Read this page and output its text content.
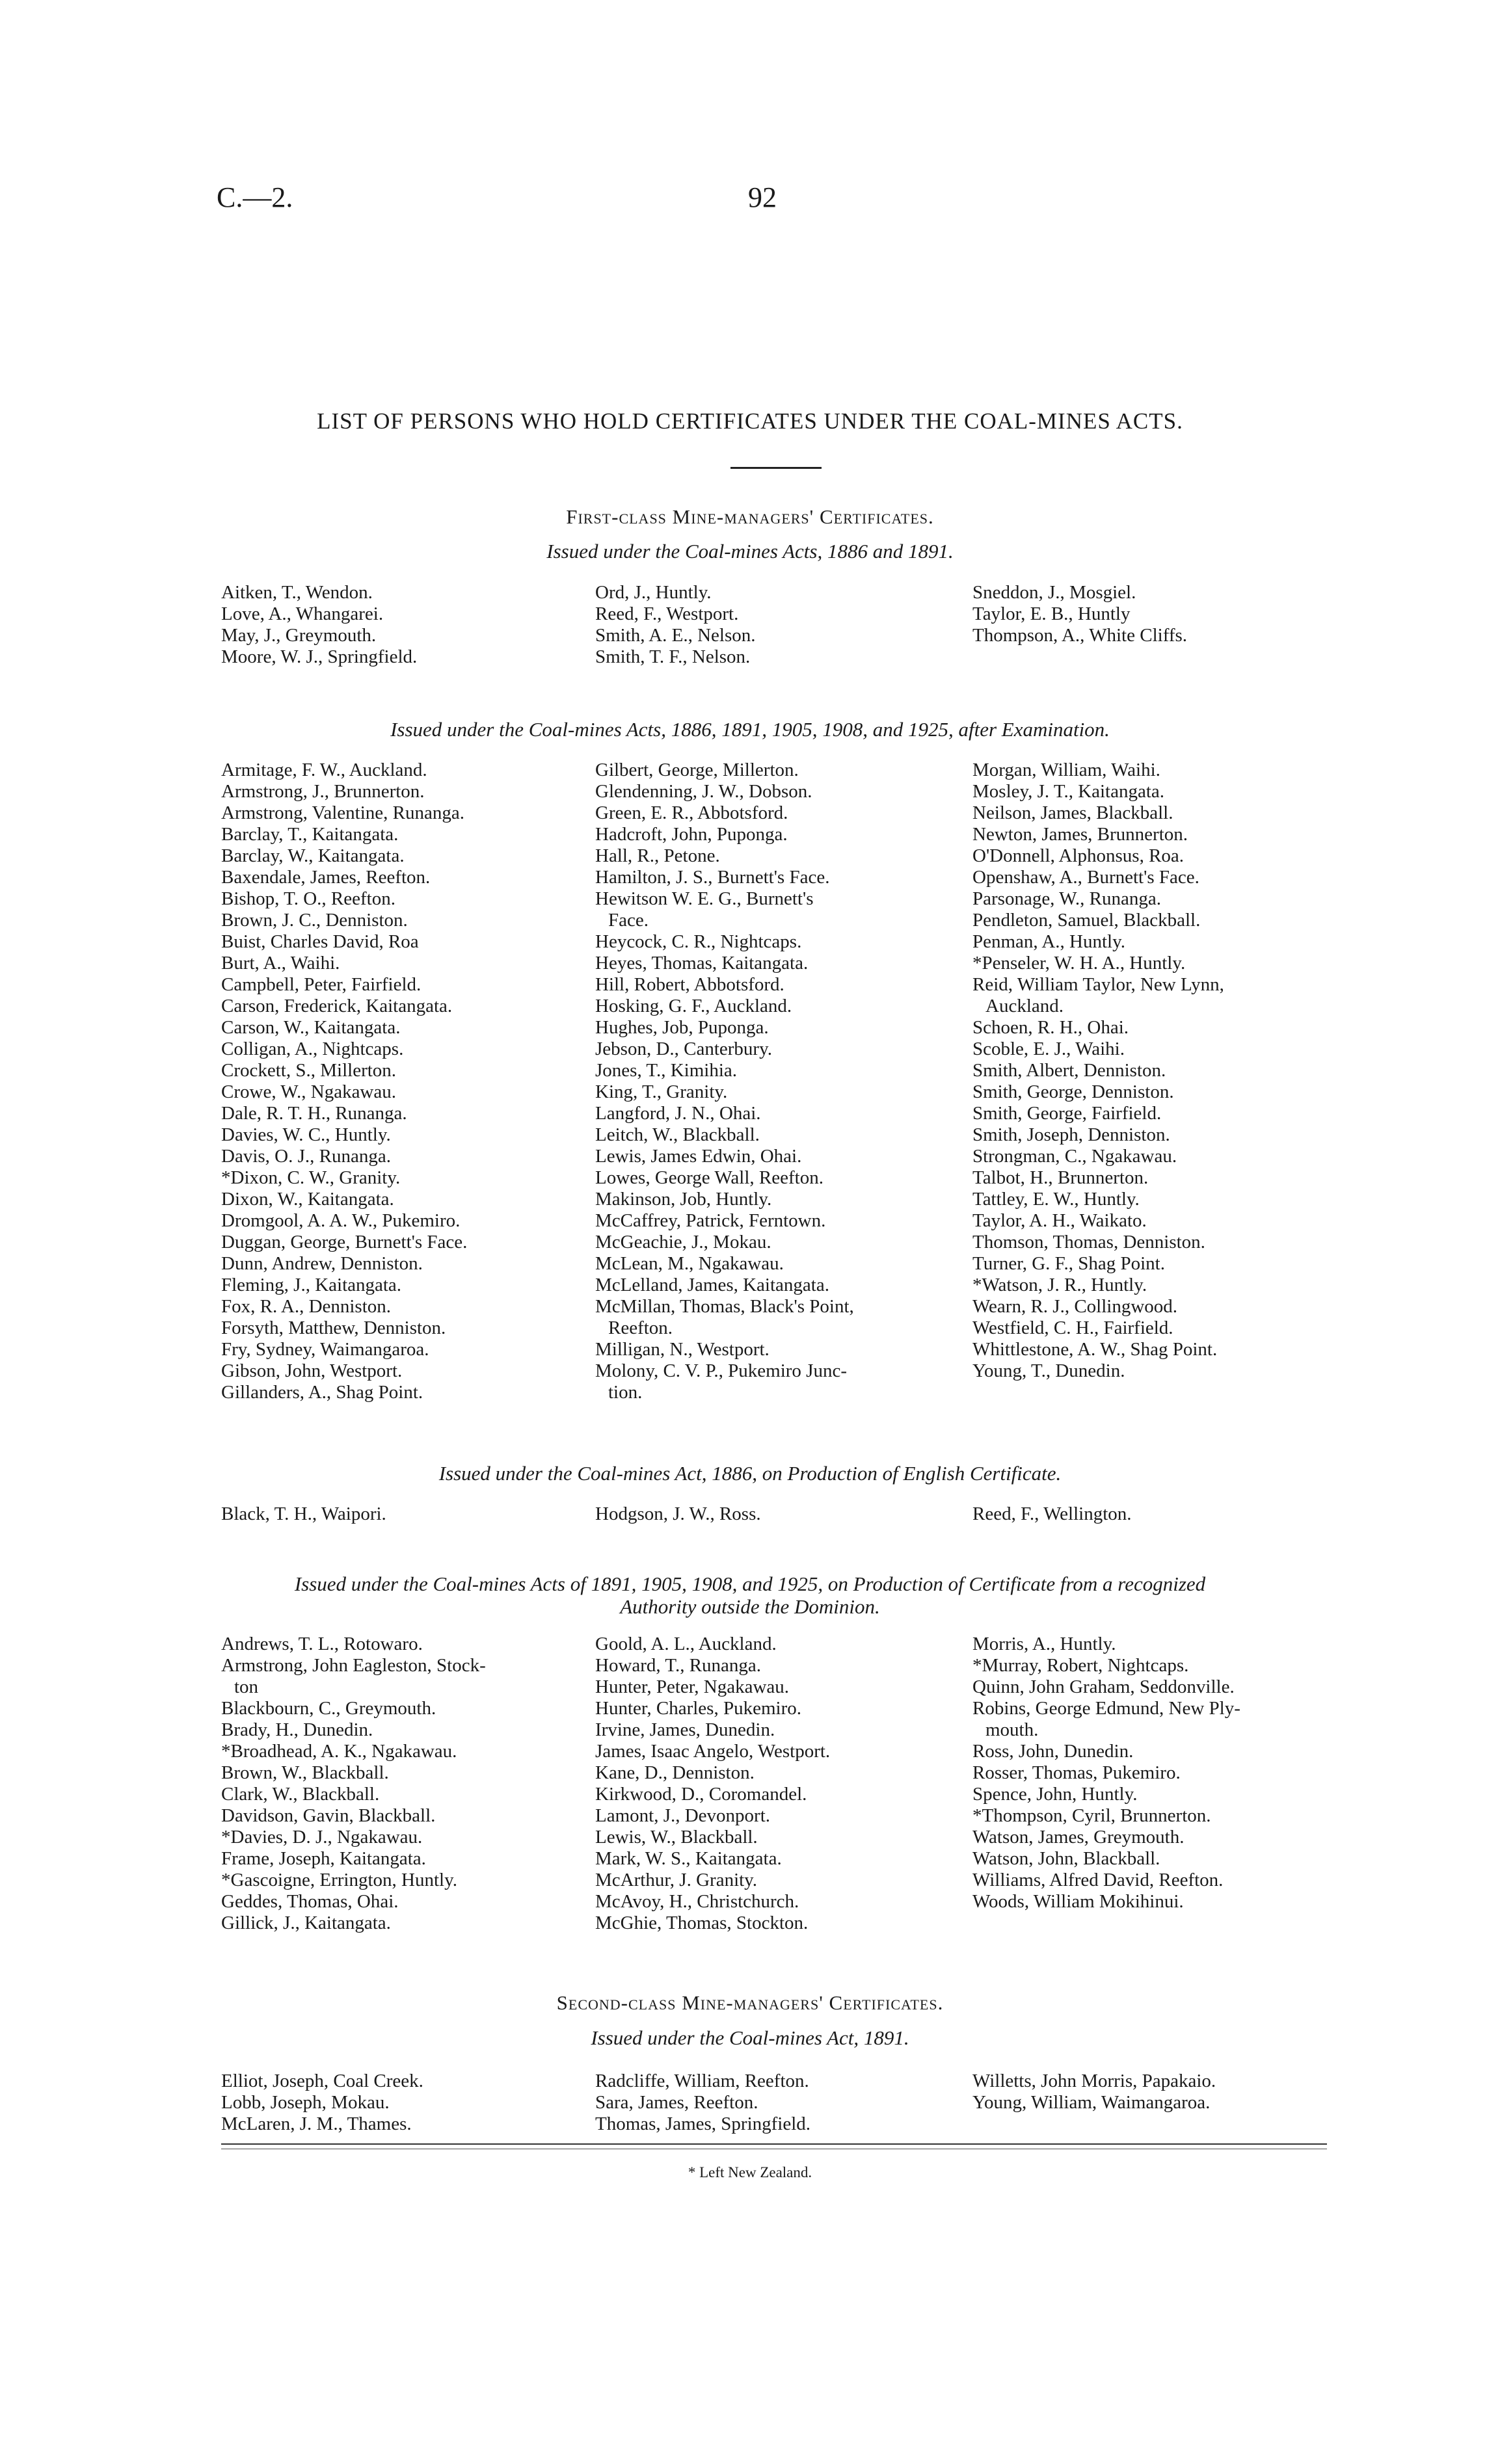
C.—2.	92
LIST OF PERSONS WHO HOLD CERTIFICATES UNDER THE COAL-MINES ACTS.
First-class Mine-managers' Certificates.
Issued under the Coal-mines Acts, 1886 and 1891.
Aitken, T., Wendon.
Love, A., Whangarei.
May, J., Greymouth.
Moore, W. J., Springfield.
Ord, J., Huntly.
Reed, F., Westport.
Smith, A. E., Nelson.
Smith, T. F., Nelson.
Sneddon, J., Mosgiel.
Taylor, E. B., Huntly
Thompson, A., White Cliffs.
Issued under the Coal-mines Acts, 1886, 1891, 1905, 1908, and 1925, after Examination.
Armitage, F. W., Auckland.
Armstrong, J., Brunnerton.
Armstrong, Valentine, Runanga.
Barclay, T., Kaitangata.
Barclay, W., Kaitangata.
Baxendale, James, Reefton.
Bishop, T. O., Reefton.
Brown, J. C., Denniston.
Buist, Charles David, Roa
Burt, A., Waihi.
Campbell, Peter, Fairfield.
Carson, Frederick, Kaitangata.
Carson, W., Kaitangata.
Colligan, A., Nightcaps.
Crockett, S., Millerton.
Crowe, W., Ngakawau.
Dale, R. T. H., Runanga.
Davies, W. C., Huntly.
Davis, O. J., Runanga.
*Dixon, C. W., Granity.
Dixon, W., Kaitangata.
Dromgool, A. A. W., Pukemiro.
Duggan, George, Burnett's Face.
Dunn, Andrew, Denniston.
Fleming, J., Kaitangata.
Fox, R. A., Denniston.
Forsyth, Matthew, Denniston.
Fry, Sydney, Waimangaroa.
Gibson, John, Westport.
Gillanders, A., Shag Point.
Gilbert, George, Millerton.
Glendenning, J. W., Dobson.
Green, E. R., Abbotsford.
Hadcroft, John, Puponga.
Hall, R., Petone.
Hamilton, J. S., Burnett's Face.
Hewitson W. E. G., Burnett's
Face.
Heycock, C. R., Nightcaps.
Heyes, Thomas, Kaitangata.
Hill, Robert, Abbotsford.
Hosking, G. F., Auckland.
Hughes, Job, Puponga.
Jebson, D., Canterbury.
Jones, T., Kimihia.
King, T., Granity.
Langford, J. N., Ohai.
Leitch, W., Blackball.
Lewis, James Edwin, Ohai.
Lowes, George Wall, Reefton.
Makinson, Job, Huntly.
McCaffrey, Patrick, Ferntown.
McGeachie, J., Mokau.
McLean, M., Ngakawau.
McLelland, James, Kaitangata.
McMillan, Thomas, Black's Point,
Reefton.
Milligan, N., Westport.
Molony, C. V. P., Pukemiro Junc-
tion.
Morgan, William, Waihi.
Mosley, J. T., Kaitangata.
Neilson, James, Blackball.
Newton, James, Brunnerton.
O'Donnell, Alphonsus, Roa.
Openshaw, A., Burnett's Face.
Parsonage, W., Runanga.
Pendleton, Samuel, Blackball.
Penman, A., Huntly.
*Penseler, W. H. A., Huntly.
Reid, William Taylor, New Lynn,
Auckland.
Schoen, R. H., Ohai.
Scoble, E. J., Waihi.
Smith, Albert, Denniston.
Smith, George, Denniston.
Smith, George, Fairfield.
Smith, Joseph, Denniston.
Strongman, C., Ngakawau.
Talbot, H., Brunnerton.
Tattley, E. W., Huntly.
Taylor, A. H., Waikato.
Thomson, Thomas, Denniston.
Turner, G. F., Shag Point.
*Watson, J. R., Huntly.
Wearn, R. J., Collingwood.
Westfield, C. H., Fairfield.
Whittlestone, A. W., Shag Point.
Young, T., Dunedin.
Issued under the Coal-mines Act, 1886, on Production of English Certificate.
Black, T. H., Waipori.	Hodgson, J. W., Ross.	Reed, F., Wellington.
Issued under the Coal-mines Acts of 1891, 1905, 1908, and 1925, on Production of Certificate from a recognized
Authority outside the Dominion.
Andrews, T. L., Rotowaro.
Armstrong, John Eagleston, Stock-
ton
Blackbourn, C., Greymouth.
Brady, H., Dunedin.
*Broadhead, A. K., Ngakawau.
Brown, W., Blackball.
Clark, W., Blackball.
Davidson, Gavin, Blackball.
*Davies, D. J., Ngakawau.
Frame, Joseph, Kaitangata.
*Gascoigne, Errington, Huntly.
Geddes, Thomas, Ohai.
Gillick, J., Kaitangata.
Goold, A. L., Auckland.
Howard, T., Runanga.
Hunter, Peter, Ngakawau.
Hunter, Charles, Pukemiro.
Irvine, James, Dunedin.
James, Isaac Angelo, Westport.
Kane, D., Denniston.
Kirkwood, D., Coromandel.
Lamont, J., Devonport.
Lewis, W., Blackball.
Mark, W. S., Kaitangata.
McArthur, J. Granity.
McAvoy, H., Christchurch.
McGhie, Thomas, Stockton.
Morris, A., Huntly.
*Murray, Robert, Nightcaps.
Quinn, John Graham, Seddonville.
Robins, George Edmund, New Ply-
mouth.
Ross, John, Dunedin.
Rosser, Thomas, Pukemiro.
Spence, John, Huntly.
*Thompson, Cyril, Brunnerton.
Watson, James, Greymouth.
Watson, John, Blackball.
Williams, Alfred David, Reefton.
Woods, William Mokihinui.
Second-class Mine-managers' Certificates.
Issued under the Coal-mines Act, 1891.
Elliot, Joseph, Coal Creek.
Lobb, Joseph, Mokau.
McLaren, J. M., Thames.
Radcliffe, William, Reefton.
Sara, James, Reefton.
Thomas, James, Springfield.
Willetts, John Morris, Papakaio.
Young, William, Waimangaroa.
* Left New Zealand.
